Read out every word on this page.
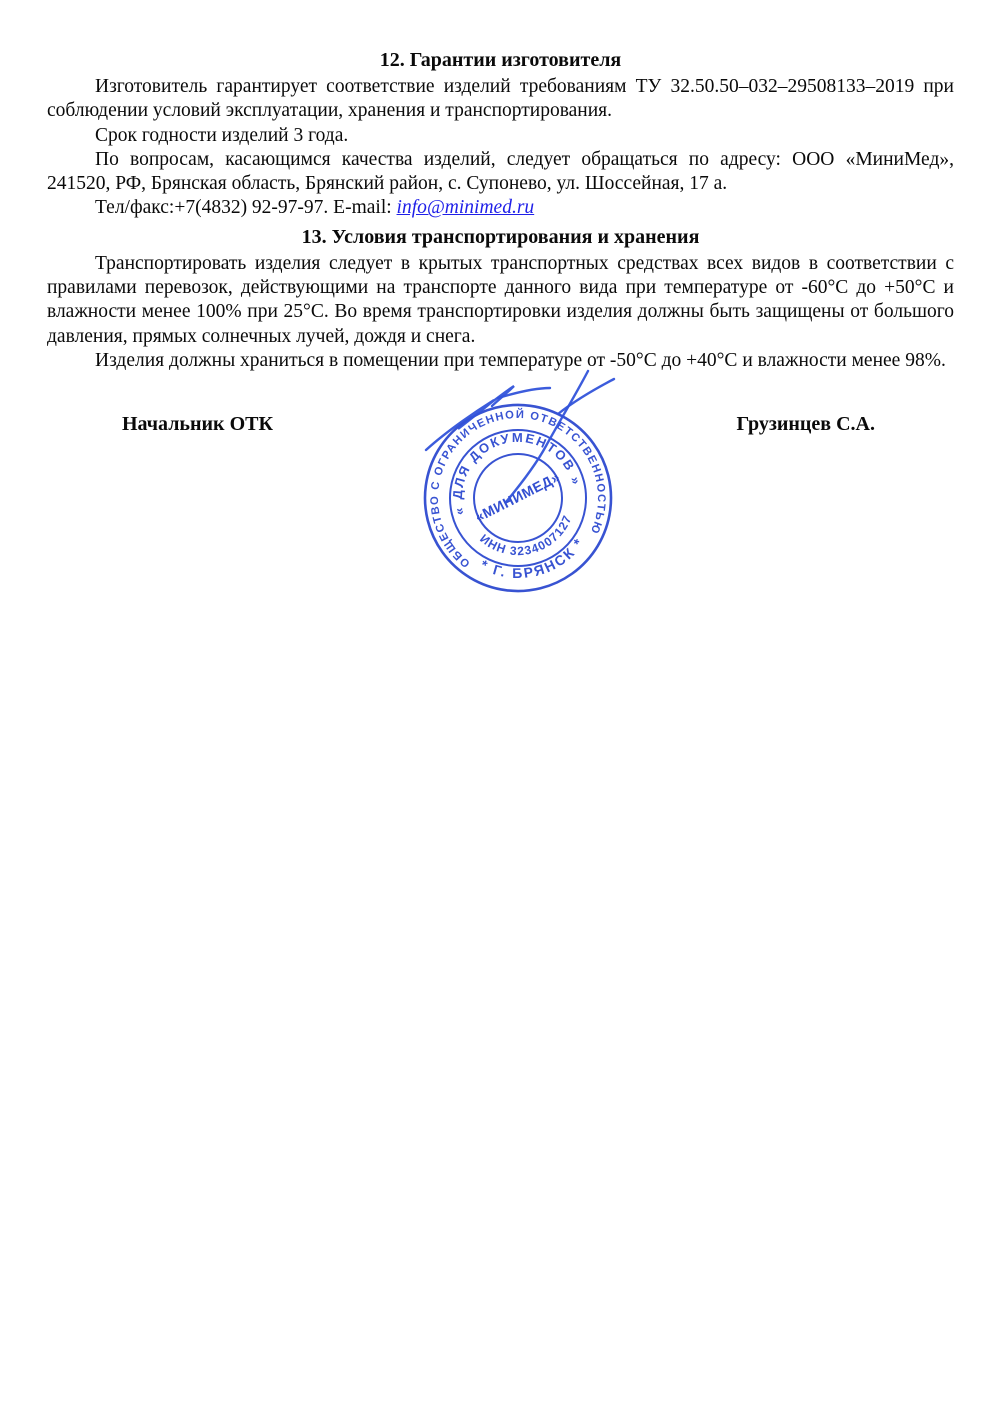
12. Гарантии изготовителя

Изготовитель гарантирует соответствие изделий требованиям ТУ 32.50.50–032–29508133–2019 при соблюдении условий эксплуатации, хранения и транспортирования.

Срок годности изделий 3 года.

По вопросам, касающимся качества изделий, следует обращаться по адресу: ООО «МиниМед», 241520, РФ, Брянская область, Брянский район, с. Супонево, ул. Шоссейная, 17 а.

Тел/факс:+7(4832) 92-97-97. E-mail: info@minimed.ru

13. Условия транспортирования и хранения

Транспортировать изделия следует в крытых транспортных средствах всех видов в соответствии с правилами перевозок, действующими на транспорте данного вида при температуре от -60°С до +50°С и влажности менее 100% при 25°С. Во время транспортировки изделия должны быть защищены от большого давления, прямых солнечных лучей, дождя и снега.

Изделия должны храниться в помещении при температуре от -50°С до +40°С и влажности менее 98%.

Начальник ОТК	Грузинцев С.А.
ОБЩЕСТВО С ОГРАНИЧЕННОЙ ОТВЕТСТВЕННОСТЬЮ
* Г. БРЯНСК *
« ДЛЯ ДОКУМЕНТОВ »
ИНН 3234007127
«МИНИМЕД»
